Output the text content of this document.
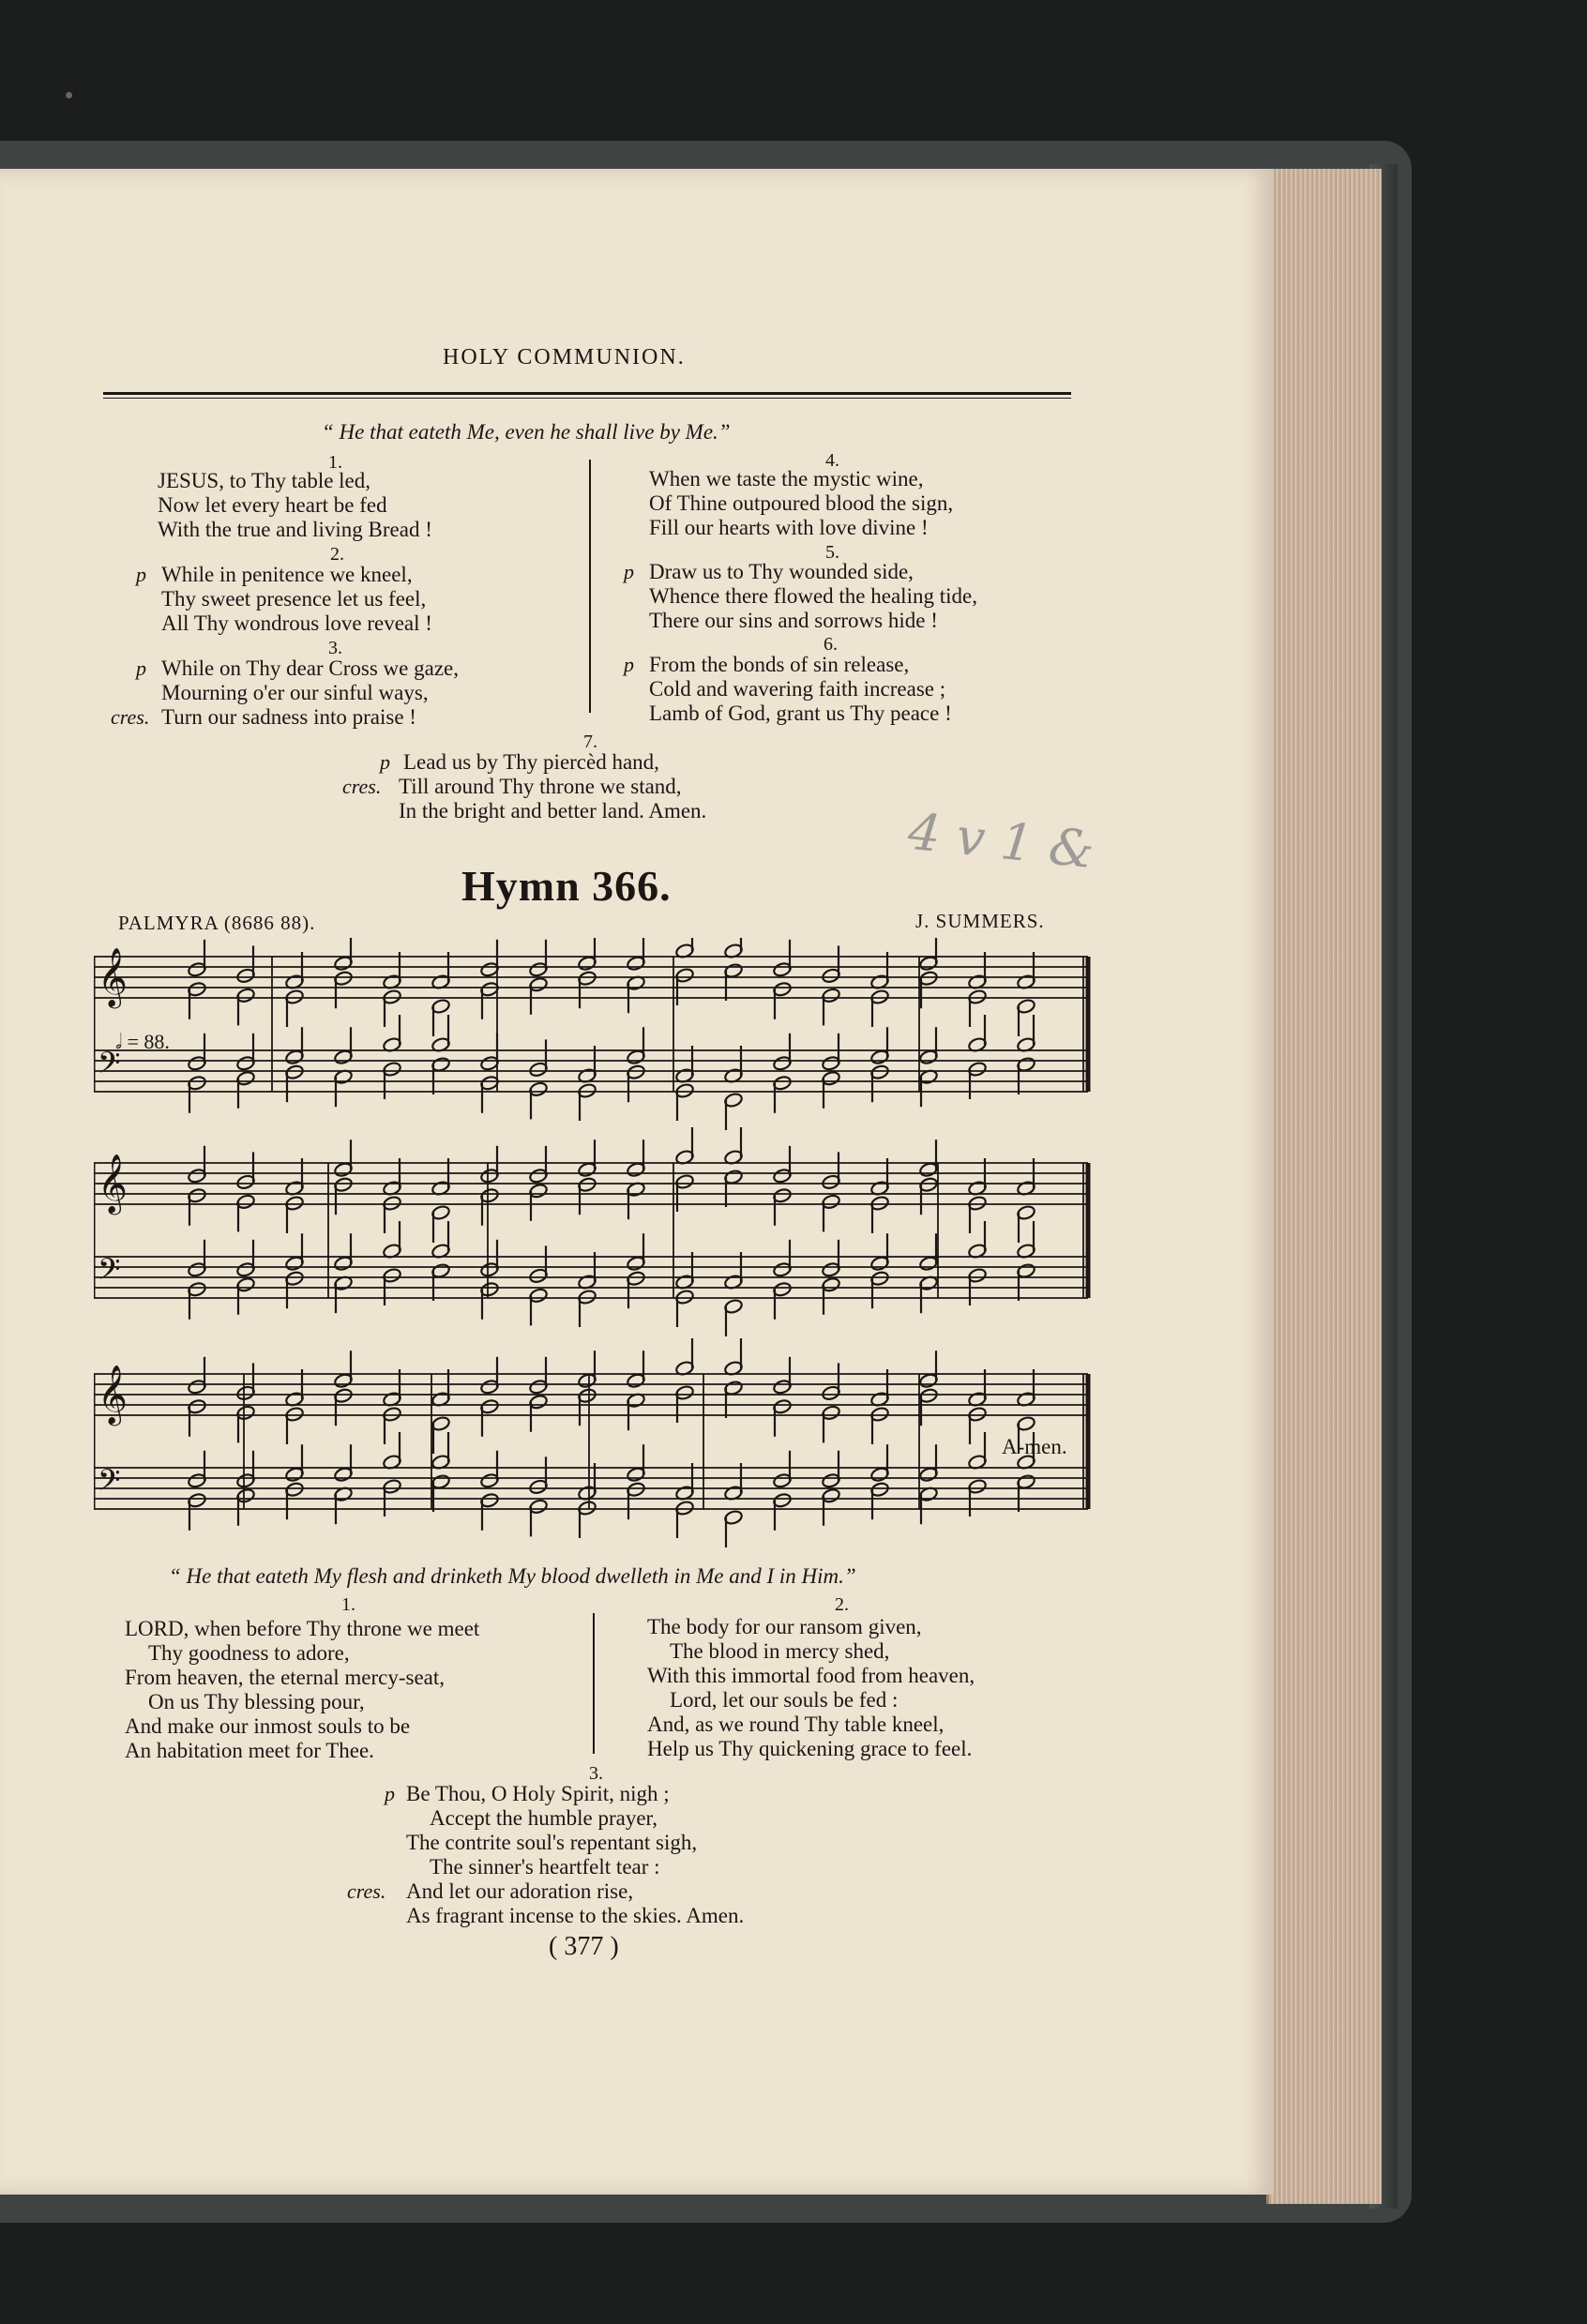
HOLY COMMUNION.
“ He that eateth Me, even he shall live by Me.”
1.
JESUS, to Thy table led,
Now let every heart be fed
With the true and living Bread !
2.
p While in penitence we kneel,
Thy sweet presence let us feel,
All Thy wondrous love reveal !
3.
p While on Thy dear Cross we gaze,
Mourning o'er our sinful ways,
cres. Turn our sadness into praise !
4.
When we taste the mystic wine,
Of Thine outpoured blood the sign,
Fill our hearts with love divine !
5.
p Draw us to Thy wounded side,
Whence there flowed the healing tide,
There our sins and sorrows hide !
6.
p From the bonds of sin release,
Cold and wavering faith increase ;
Lamb of God, grant us Thy peace !
7.
p Lead us by Thy piercèd hand,
cres. Till around Thy throne we stand,
In the bright and better land. Amen.	4 v 1 &
Hymn 366.
PALMYRA (8686 88).	J. SUMMERS.
𝄞
𝄢
𝄞
𝄢
𝄞
𝄢
𝅗𝅥 = 88.
A-men.
“ He that eateth My flesh and drinketh My blood dwelleth in Me and I in Him.”
1.
LORD, when before Thy throne we meet
Thy goodness to adore,
From heaven, the eternal mercy-seat,
On us Thy blessing pour,
And make our inmost souls to be
An habitation meet for Thee.
2.
The body for our ransom given,
The blood in mercy shed,
With this immortal food from heaven,
Lord, let our souls be fed :
And, as we round Thy table kneel,
Help us Thy quickening grace to feel.
3.
p Be Thou, O Holy Spirit, nigh ;
Accept the humble prayer,
The contrite soul's repentant sigh,
The sinner's heartfelt tear :
cres. And let our adoration rise,
As fragrant incense to the skies. Amen.
( 377 )
